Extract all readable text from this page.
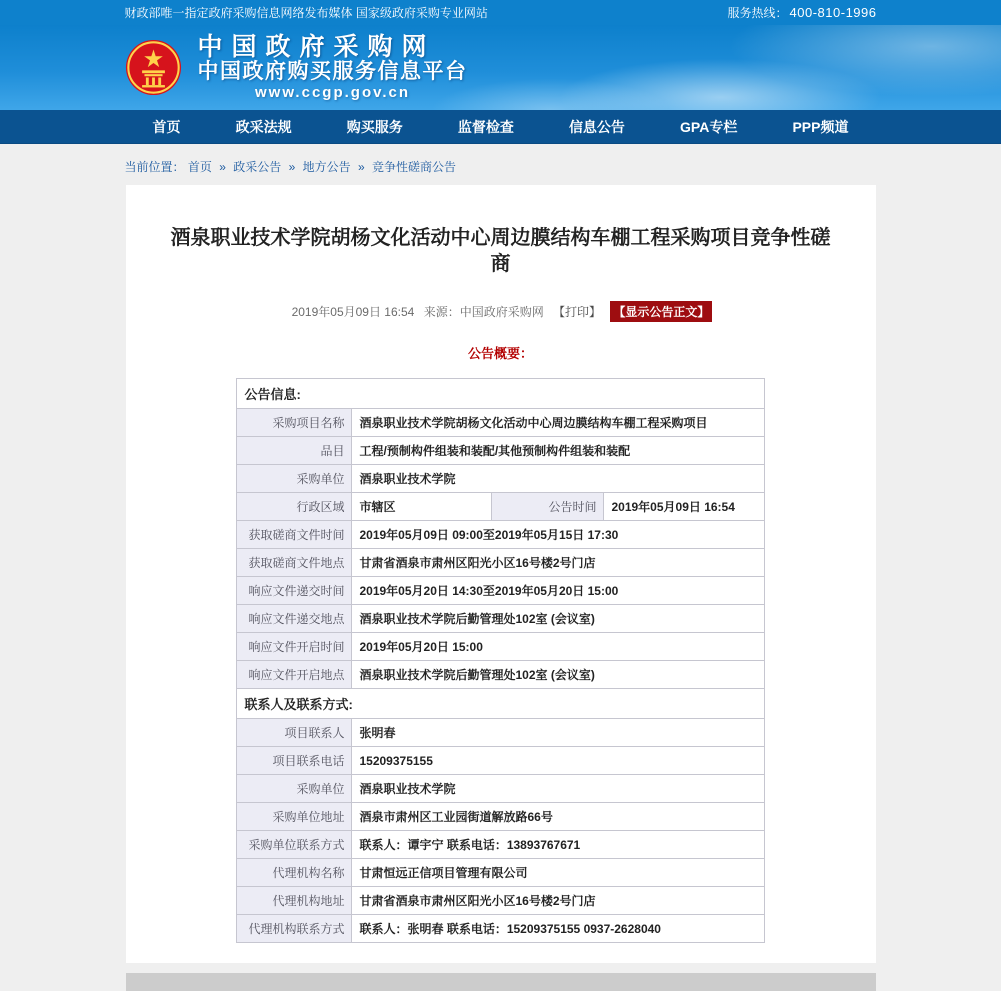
财政部唯一指定政府采购信息网络发布媒体 国家级政府采购专业网站	服务热线： 400-810-1996
中国政府采购网
中国政府购买服务信息平台
www.ccgp.gov.cn
首页	政采法规	购买服务	监督检查	信息公告	GPA专栏	PPP频道
当前位置： 首页 » 政采公告 » 地方公告 » 竞争性磋商公告
酒泉职业技术学院胡杨文化活动中心周边膜结构车棚工程采购项目竞争性磋商
2019年05月09日 16:54 来源：中国政府采购网 【打印】 【显示公告正文】
公告概要：
公告信息:			
采购项目名称	酒泉职业技术学院胡杨文化活动中心周边膜结构车棚工程采购项目		
品目	工程/预制构件组装和装配/其他预制构件组装和装配		
采购单位	酒泉职业技术学院		
行政区域	市辖区	公告时间	2019年05月09日 16:54
获取磋商文件时间	2019年05月09日 09:00至2019年05月15日 17:30		
获取磋商文件地点	甘肃省酒泉市肃州区阳光小区16号楼2号门店		
响应文件递交时间	2019年05月20日 14:30至2019年05月20日 15:00		
响应文件递交地点	酒泉职业技术学院后勤管理处102室 (会议室)		
响应文件开启时间	2019年05月20日 15:00		
响应文件开启地点	酒泉职业技术学院后勤管理处102室 (会议室)		
联系人及联系方式:			
项目联系人	张明春		
项目联系电话	15209375155		
采购单位	酒泉职业技术学院		
采购单位地址	酒泉市肃州区工业园街道解放路66号		
采购单位联系方式	联系人：谭宇宁 联系电话：13893767671		
代理机构名称	甘肃恒远正信项目管理有限公司		
代理机构地址	甘肃省酒泉市肃州区阳光小区16号楼2号门店		
代理机构联系方式	联系人：张明春 联系电话：15209375155 0937-2628040		
